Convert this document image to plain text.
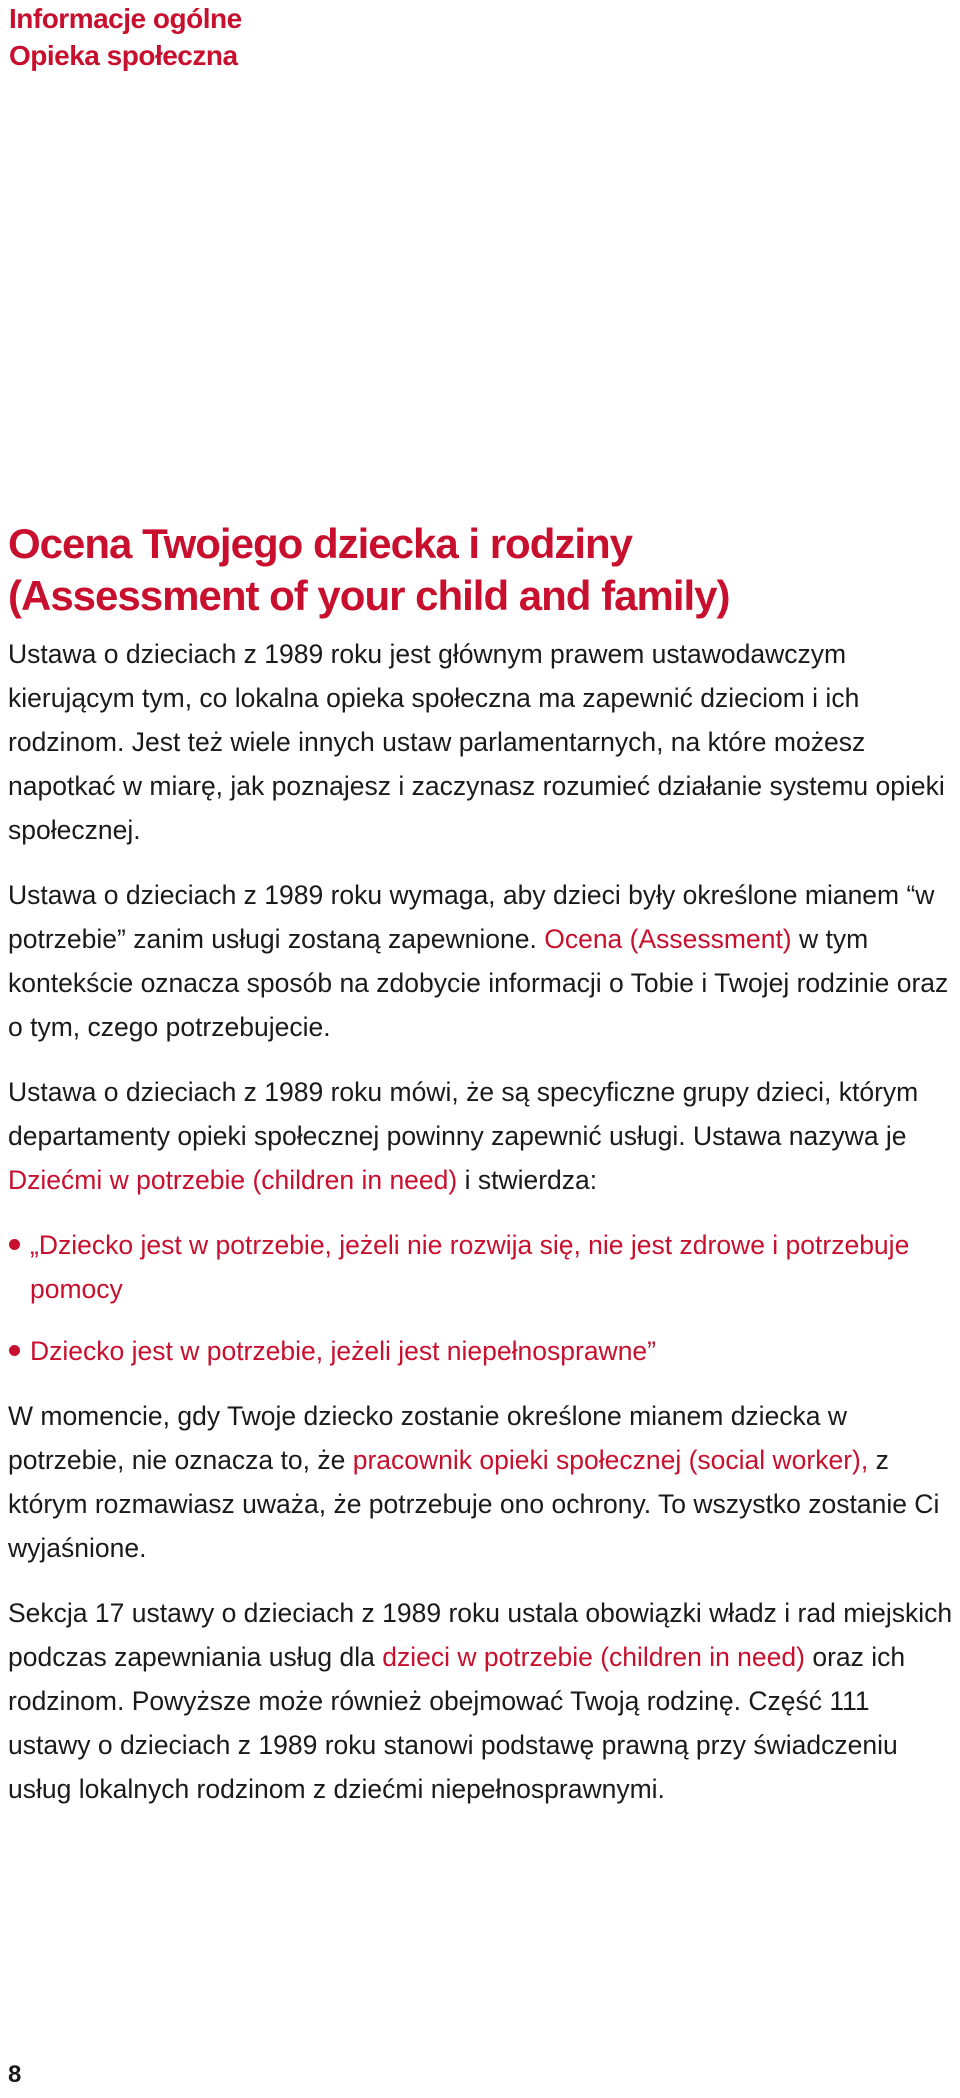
Informacje ogólne
Opieka społeczna
Ocena Twojego dziecka i rodziny
(Assessment of your child and family)

Ustawa o dzieciach z 1989 roku jest głównym prawem ustawodawczym kierującym tym, co lokalna opieka społeczna ma zapewnić dzieciom i ich rodzinom. Jest też wiele innych ustaw parlamentarnych, na które możesz napotkać w miarę, jak poznajesz i zaczynasz rozumieć działanie systemu opieki społecznej.

Ustawa o dzieciach z 1989 roku wymaga, aby dzieci były określone mianem “w potrzebie” zanim usługi zostaną zapewnione. Ocena (Assessment) w tym kontekście oznacza sposób na zdobycie informacji o Tobie i Twojej rodzinie oraz o tym, czego potrzebujecie.

Ustawa o dzieciach z 1989 roku mówi, że są specyficzne grupy dzieci, którym departamenty opieki społecznej powinny zapewnić usługi. Ustawa nazywa je Dziećmi w potrzebie (children in need) i stwierdza:

„Dziecko jest w potrzebie, jeżeli nie rozwija się, nie jest zdrowe i potrzebuje pomocy
Dziecko jest w potrzebie, jeżeli jest niepełnosprawne”

W momencie, gdy Twoje dziecko zostanie określone mianem dziecka w potrzebie, nie oznacza to, że pracownik opieki społecznej (social worker), z którym rozmawiasz uważa, że potrzebuje ono ochrony. To wszystko zostanie Ci wyjaśnione.

Sekcja 17 ustawy o dzieciach z 1989 roku ustala obowiązki władz i rad miejskich podczas zapewniania usług dla dzieci w potrzebie (children in need) oraz ich rodzinom. Powyższe może również obejmować Twoją rodzinę. Część 111 ustawy o dzieciach z 1989 roku stanowi podstawę prawną przy świadczeniu usług lokalnych rodzinom z dziećmi niepełnosprawnymi.

8
